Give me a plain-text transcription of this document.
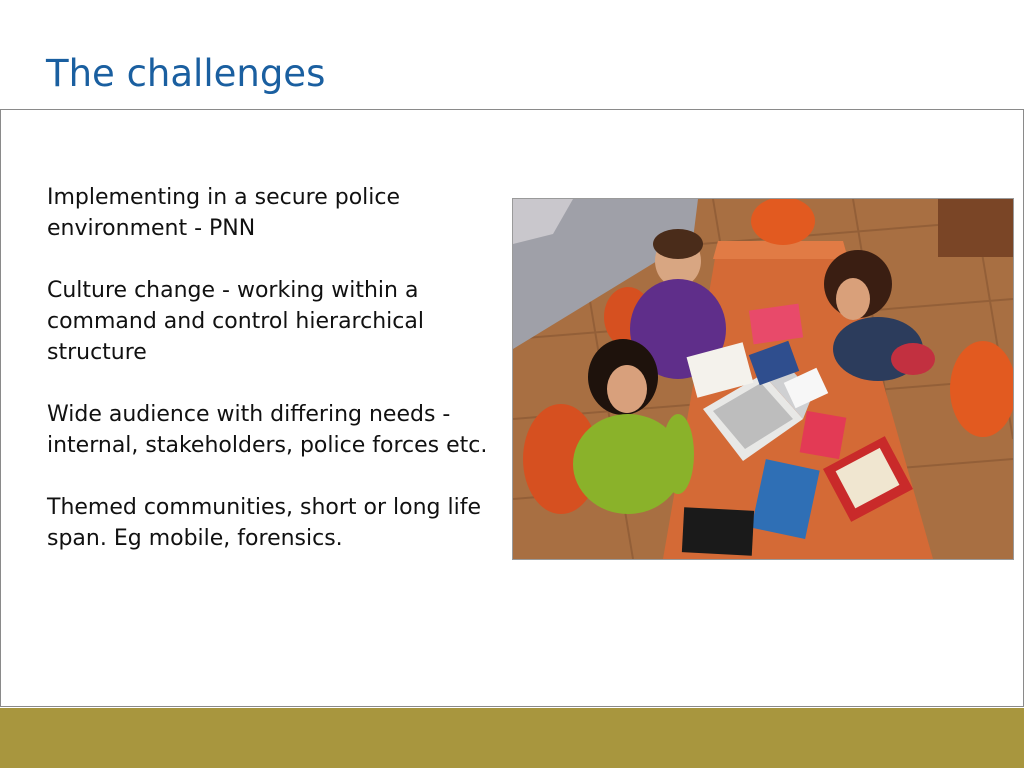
The challenges
Implementing in a secure police environment - PNN
Culture change - working within a command and control hierarchical structure
Wide audience with differing needs - internal, stakeholders, police forces etc.
Themed communities, short or long life span. Eg mobile, forensics.
